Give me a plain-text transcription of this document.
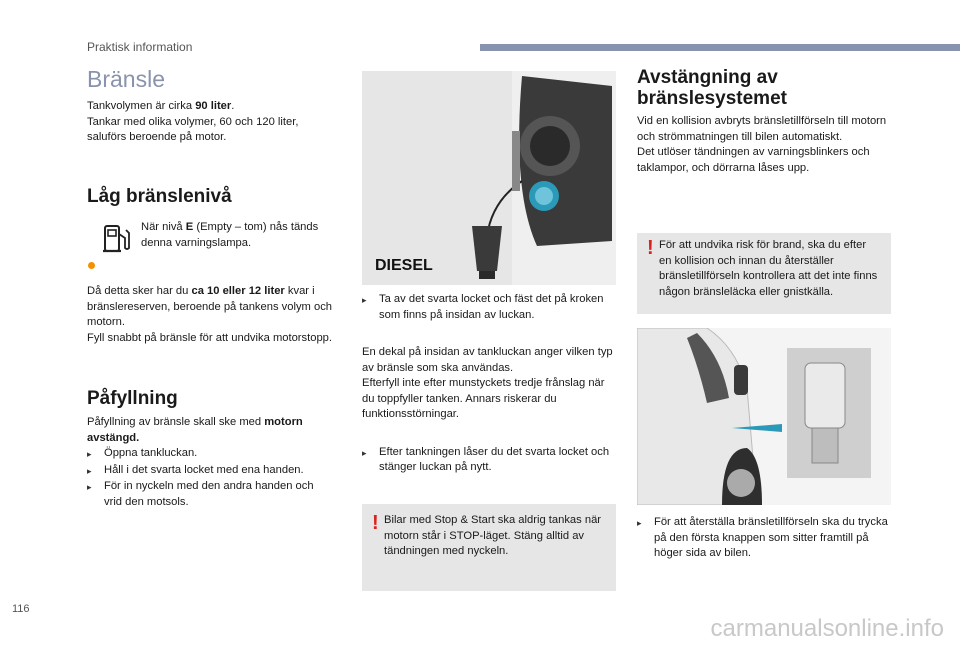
Praktisk information
Bränsle

Tankvolymen är cirka 90 liter.

Tankar med olika volymer, 60 och 120 liter, saluförs beroende på motor.

Låg bränslenivå

När nivå E (Empty – tom) nås tänds denna varningslampa.

Då detta sker har du ca 10 eller 12 liter kvar i bränslereserven, beroende på tankens volym och motorn.

Fyll snabbt på bränsle för att undvika motorstopp.

Påfyllning

Påfyllning av bränsle skall ske med motorn avstängd.

▸	Öppna tankluckan.
▸	Håll i det svarta locket med ena handen.
▸	För in nyckeln med den andra handen och vrid den motsols.
DIESEL
▸	Ta av det svarta locket och fäst det på kroken som finns på insidan av luckan.

En dekal på insidan av tankluckan anger vilken typ av bränsle som ska användas.

Efterfyll inte efter munstyckets tredje frånslag när du toppfyller tanken. Annars riskerar du funktionsstörningar.

▸	Efter tankningen låser du det svarta locket och stänger luckan på nytt.
! Bilar med Stop & Start ska aldrig tankas när motorn står i STOP-läget. Stäng alltid av tändningen med nyckeln.

Avstängning av bränslesystemet

Vid en kollision avbryts bränsletillförseln till motorn och strömmatningen till bilen automatiskt.

Det utlöser tändningen av varningsblinkers och taklampor, och dörrarna låses upp.

! För att undvika risk för brand, ska du efter en kollision och innan du återställer bränsletillförseln kontrollera att det inte finns någon bränsleläcka eller gnistkälla.

▸	För att återställa bränsletillförseln ska du trycka på den första knappen som sitter framtill på höger sida av bilen.
116
carmanualsonline.info
